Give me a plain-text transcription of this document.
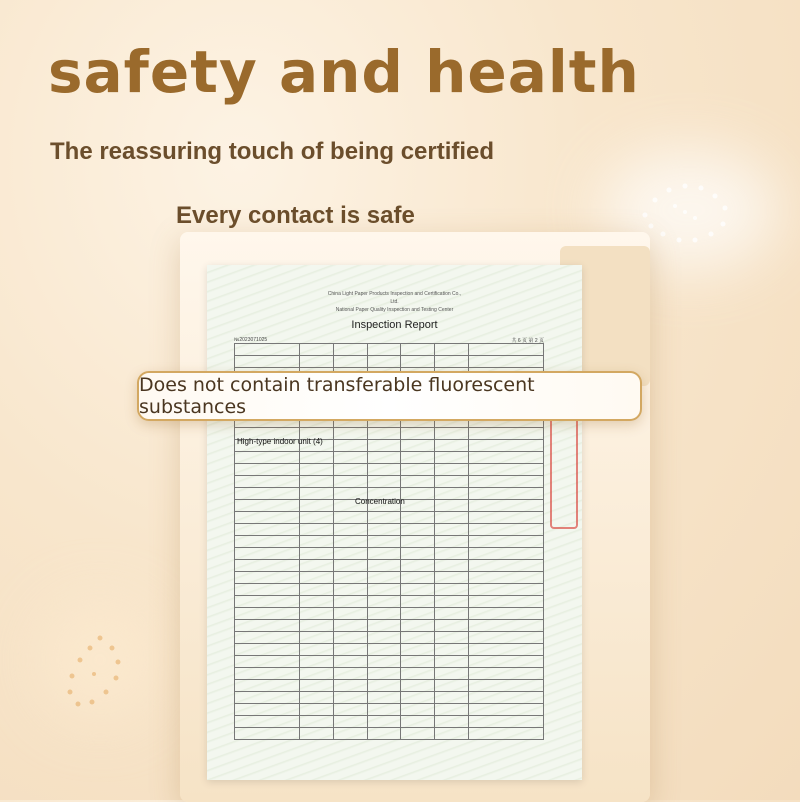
safety and health
The reassuring touch of being certified
Every contact is safe
China Light Paper Products Inspection and Certification Co.,
Ltd.
National Paper Quality Inspection and Testing Center
Inspection Report
№2023071025	共 6 页 第 2 页

High-type indoor unit (4)
Concentration
Does not contain transferable fluorescent substances
